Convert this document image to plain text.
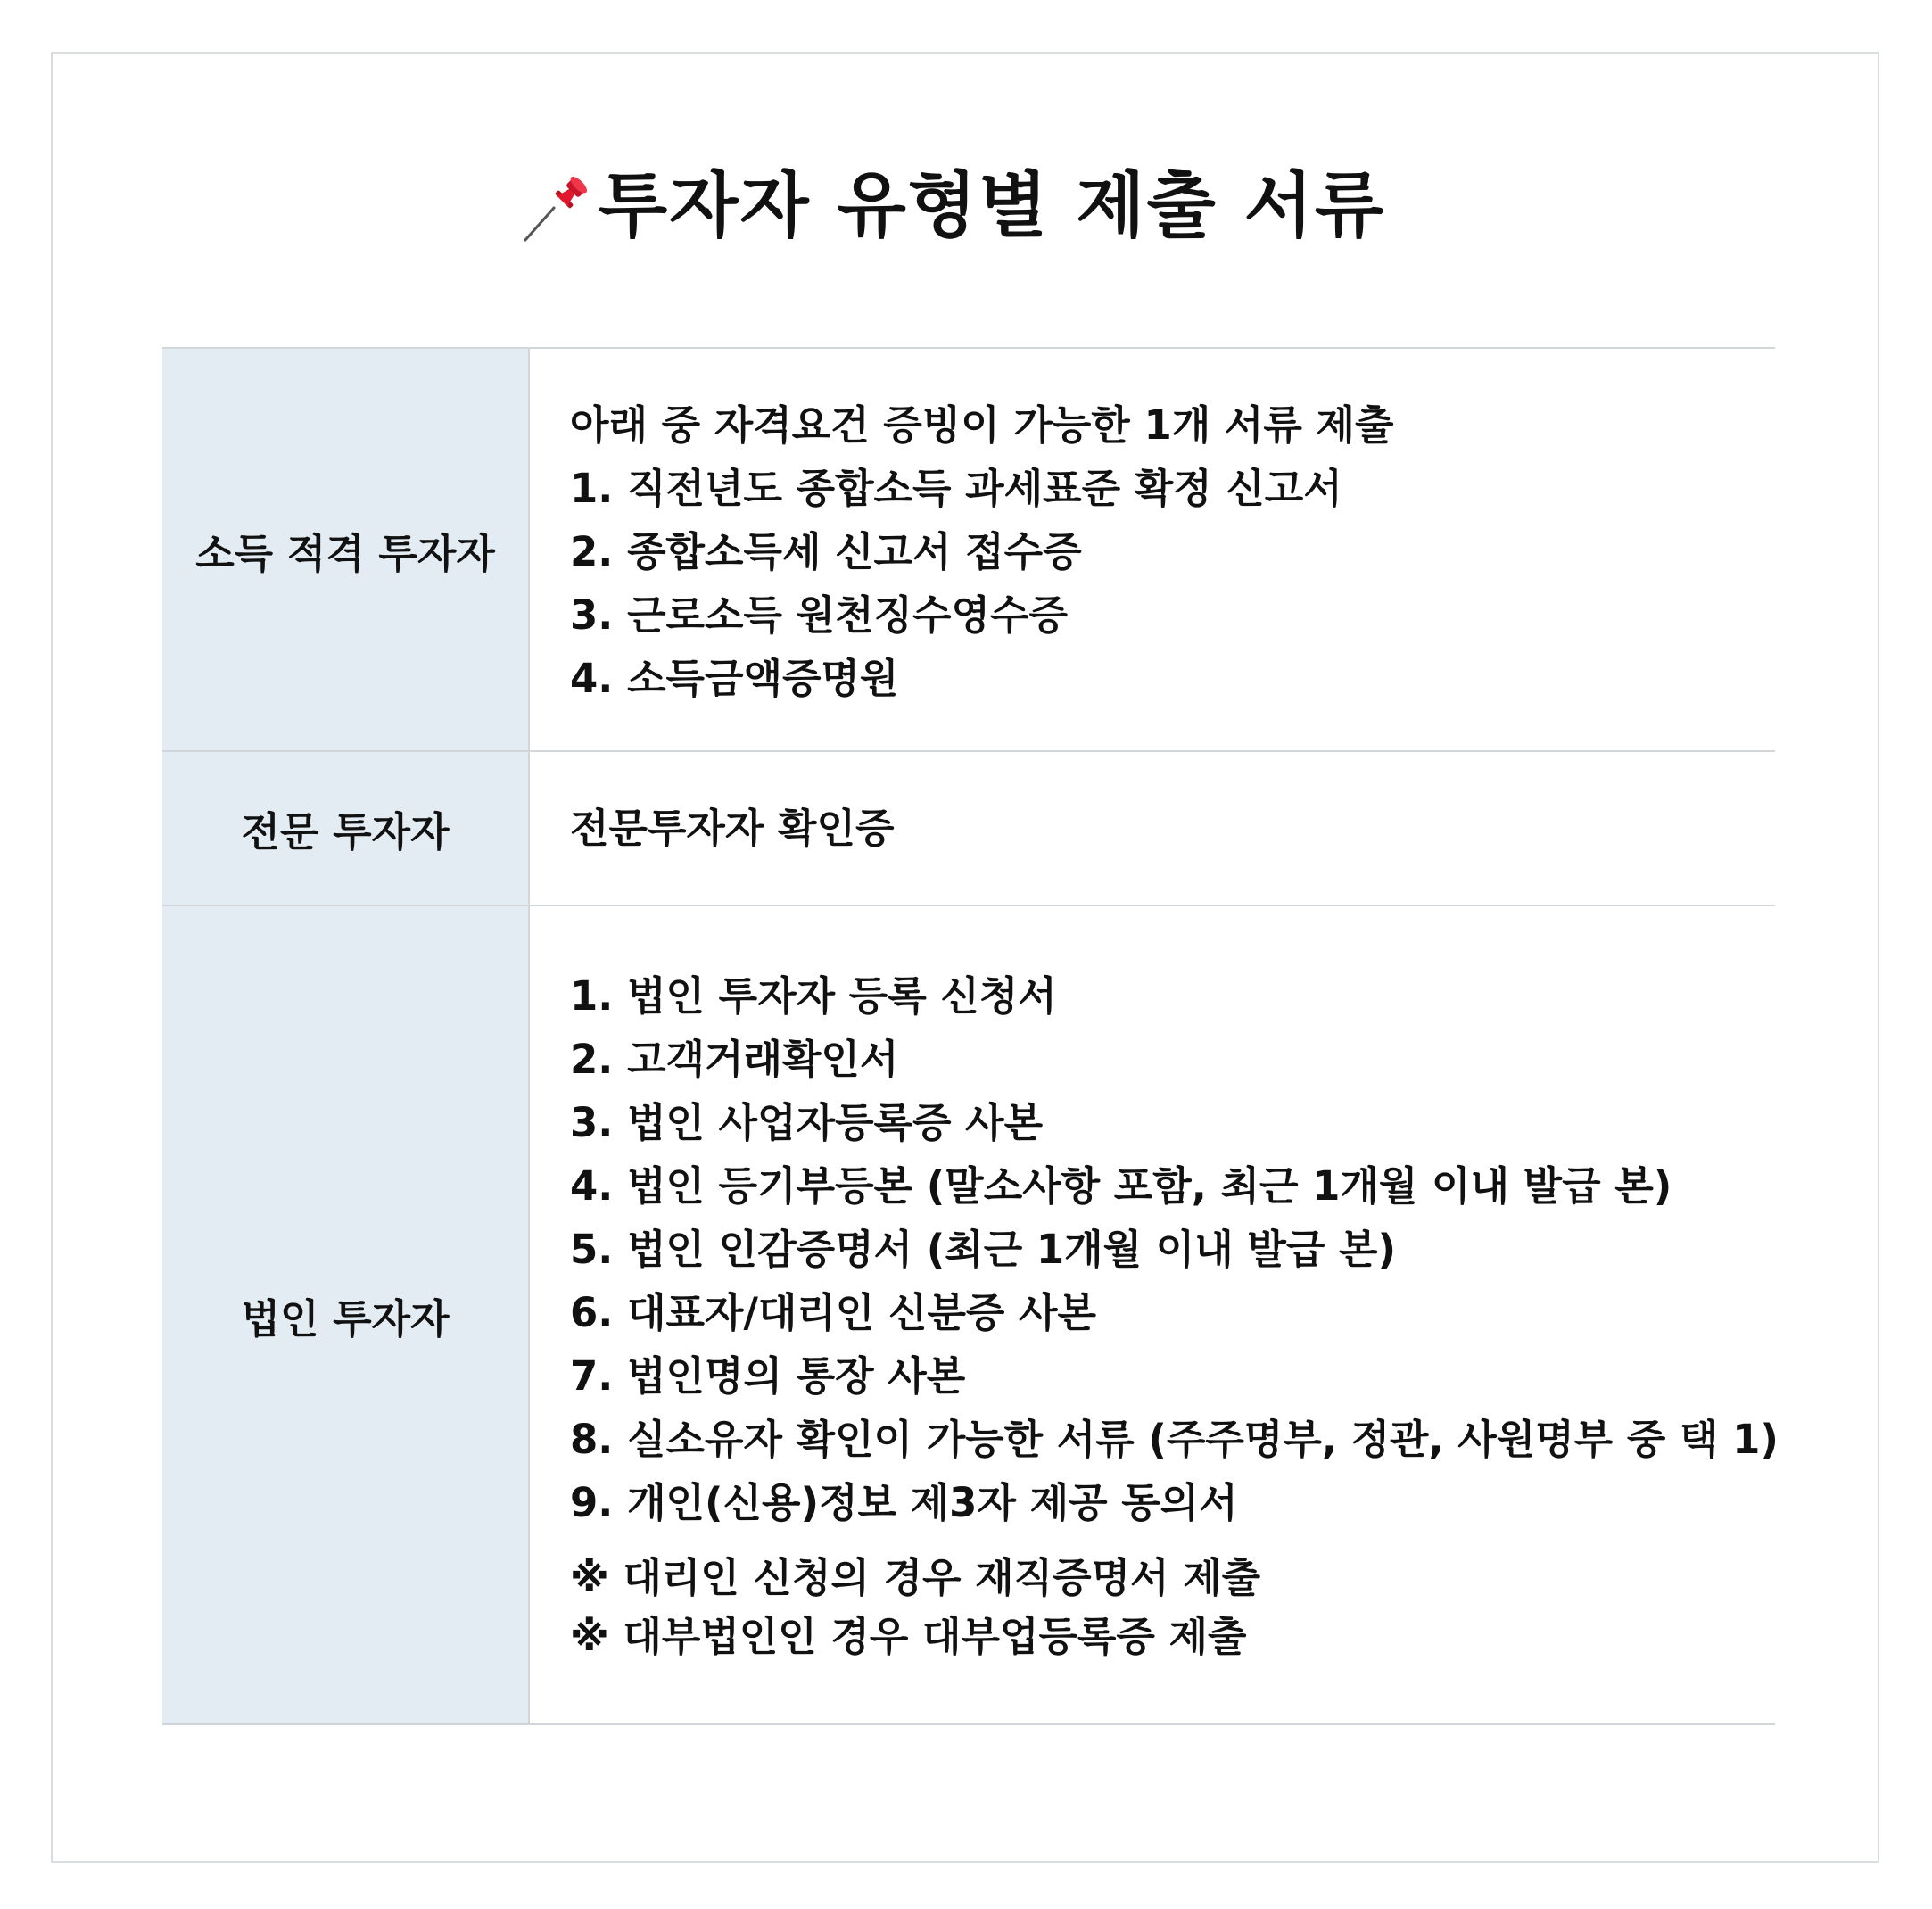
투자자 유형별 제출 서류
소득 적격 투자자
아래 중 자격요건 증빙이 가능한 1개 서류 제출
1. 직전년도 종합소득 과세표준 확정 신고서
2. 종합소득세 신고서 접수증
3. 근로소득 원천징수영수증
4. 소득금액증명원
전문 투자자	전문투자자 확인증
법인 투자자
1. 법인 투자자 등록 신청서
2. 고객거래확인서
3. 법인 사업자등록증 사본
4. 법인 등기부등본 (말소사항 포함, 최근 1개월 이내 발급 본)
5. 법인 인감증명서 (최근 1개월 이내 발급 본)
6. 대표자/대리인 신분증 사본
7. 법인명의 통장 사본
8. 실소유자 확인이 가능한 서류 (주주명부, 정관, 사원명부 중 택 1)
9. 개인(신용)정보 제3자 제공 동의서
※ 대리인 신청의 경우 재직증명서 제출
※ 대부법인인 경우 대부업등록증 제출
